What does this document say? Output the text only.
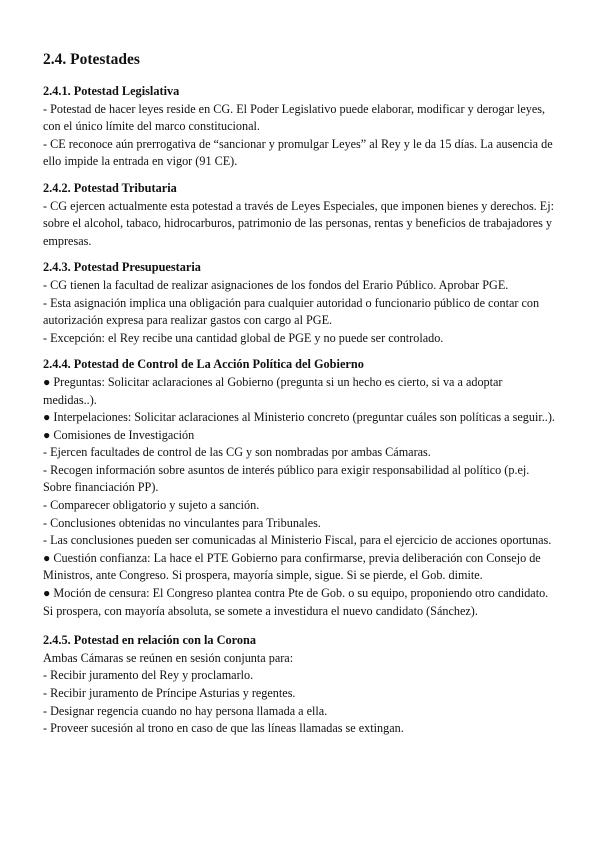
2.4. Potestades
2.4.1. Potestad Legislativa

- Potestad de hacer leyes reside en CG. El Poder Legislativo puede elaborar, modificar y derogar leyes, con el único límite del marco constitucional.

- CE reconoce aún prerrogativa de “sancionar y promulgar Leyes” al Rey y le da 15 días. La ausencia de ello impide la entrada en vigor (91 CE).

2.4.2. Potestad Tributaria

- CG ejercen actualmente esta potestad a través de Leyes Especiales, que imponen bienes y derechos. Ej: sobre el alcohol, tabaco, hidrocarburos, patrimonio de las personas, rentas y beneficios de trabajadores y empresas.

2.4.3. Potestad Presupuestaria

- CG tienen la facultad de realizar asignaciones de los fondos del Erario Público. Aprobar PGE.

- Esta asignación implica una obligación para cualquier autoridad o funcionario público de contar con autorización expresa para realizar gastos con cargo al PGE.

- Excepción: el Rey recibe una cantidad global de PGE y no puede ser controlado.

2.4.4. Potestad de Control de La Acción Política del Gobierno

● Preguntas: Solicitar aclaraciones al Gobierno (pregunta si un hecho es cierto, si va a adoptar medidas..).

● Interpelaciones: Solicitar aclaraciones al Ministerio concreto (preguntar cuáles son políticas a seguir..).

● Comisiones de Investigación

- Ejercen facultades de control de las CG y son nombradas por ambas Cámaras.

- Recogen información sobre asuntos de interés público para exigir responsabilidad al político (p.ej. Sobre financiación PP).

- Comparecer obligatorio y sujeto a sanción.

- Conclusiones obtenidas no vinculantes para Tribunales.

- Las conclusiones pueden ser comunicadas al Ministerio Fiscal, para el ejercicio de acciones oportunas.

● Cuestión confianza: La hace el PTE Gobierno para confirmarse, previa deliberación con Consejo de Ministros, ante Congreso. Si prospera, mayoría simple, sigue. Si se pierde, el Gob. dimite.

● Moción de censura: El Congreso plantea contra Pte de Gob. o su equipo, proponiendo otro candidato. Si prospera, con mayoría absoluta, se somete a investidura el nuevo candidato (Sánchez).

2.4.5. Potestad en relación con la Corona

Ambas Cámaras se reúnen en sesión conjunta para:

- Recibir juramento del Rey y proclamarlo.

- Recibir juramento de Príncipe Asturias y regentes.

- Designar regencia cuando no hay persona llamada a ella.

- Proveer sucesión al trono en caso de que las líneas llamadas se extingan.
